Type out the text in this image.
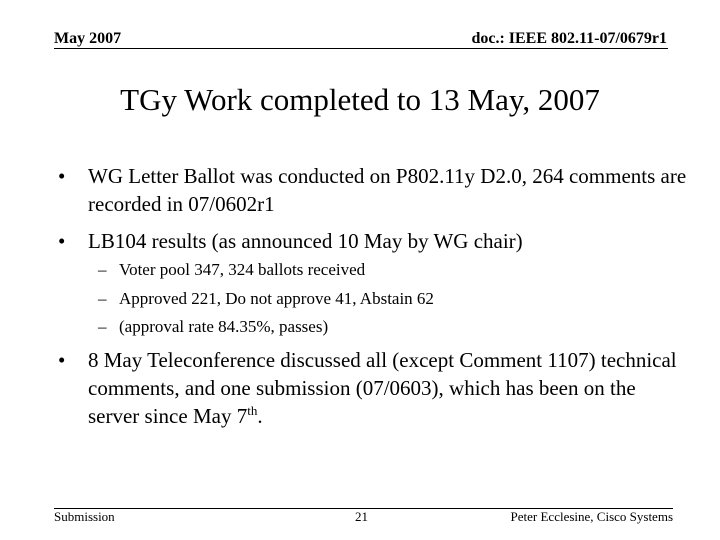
May 2007	doc.: IEEE 802.11-07/0679r1
TGy Work completed to 13 May, 2007
•	WG Letter Ballot was conducted on P802.11y D2.0, 264 comments are recorded in 07/0602r1
•	LB104 results (as announced 10 May by WG chair)
– Voter pool 347, 324 ballots received
– Approved 221, Do not approve 41, Abstain 62
– (approval rate 84.35%, passes)
•	8 May Teleconference discussed all (except Comment 1107) technical comments, and one submission (07/0603), which has been on the server since May 7th.
Submission	21	Peter Ecclesine, Cisco Systems
